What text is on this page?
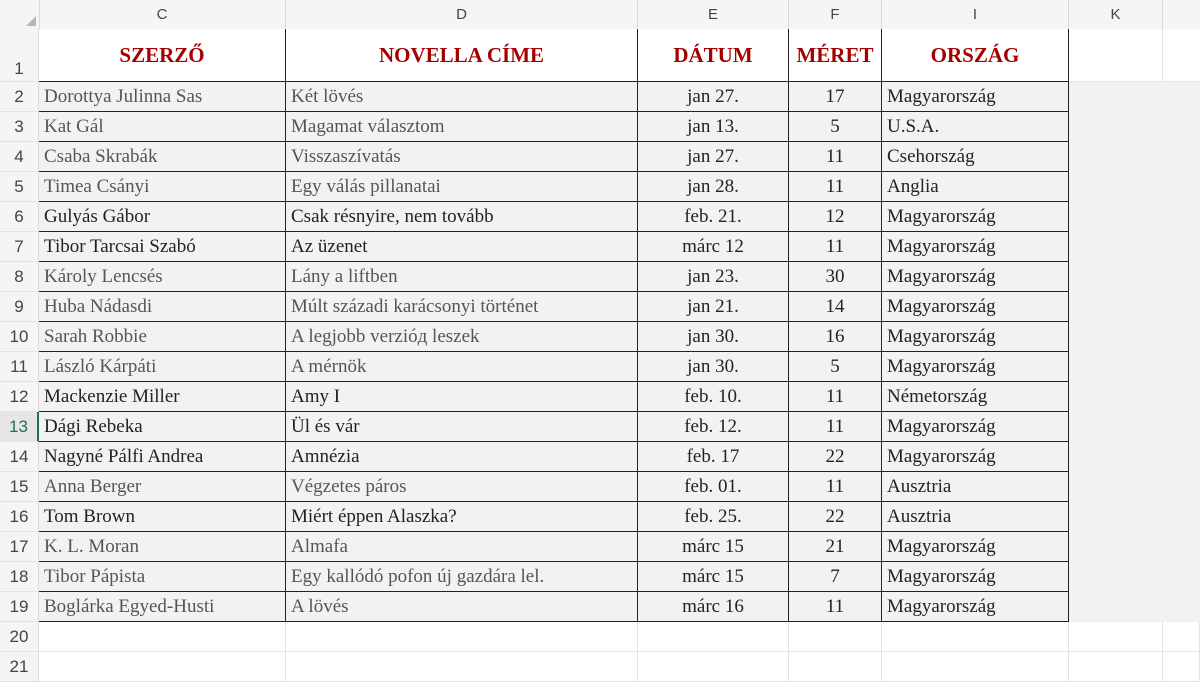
C	D	E	F	I	K
1
2
3
4
5
6
7
8
9
10
11
12
13
14
15
16
17
18
19
20
21
SZERZŐ	NOVELLA CÍME	DÁTUM	MÉRET	ORSZÁG
Dorottya Julinna Sas	Két lövés	jan 27.	17	Magyarország
Kat Gál	Magamat választom	jan 13.	5	U.S.A.
Csaba Skrabák	Visszaszívatás	jan 27.	11	Csehország
Timea Csányi	Egy válás pillanatai	jan 28.	11	Anglia
Gulyás Gábor	Csak résnyire, nem tovább	feb. 21.	12	Magyarország
Tibor Tarcsai Szabó	Az üzenet	márc 12	11	Magyarország
Károly Lencsés	Lány a liftben	jan 23.	30	Magyarország
Huba Nádasdi	Múlt századi karácsonyi történet	jan 21.	14	Magyarország
Sarah Robbie	A legjobb verzióд leszek	jan 30.	16	Magyarország
László Kárpáti	A mérnök	jan 30.	5	Magyarország
Mackenzie Miller	Amy I	feb. 10.	11	Németország
Dági Rebeka	Ül és vár	feb. 12.	11	Magyarország
Nagyné Pálfi Andrea	Amnézia	feb. 17	22	Magyarország
Anna Berger	Végzetes páros	feb. 01.	11	Ausztria
Tom Brown	Miért éppen Alaszka?	feb. 25.	22	Ausztria
K. L. Moran	Almafa	márc 15	21	Magyarország
Tibor Pápista	Egy kallódó pofon új gazdára lel.	márc 15	7	Magyarország
Boglárka Egyed-Husti	A lövés	márc 16	11	Magyarország
